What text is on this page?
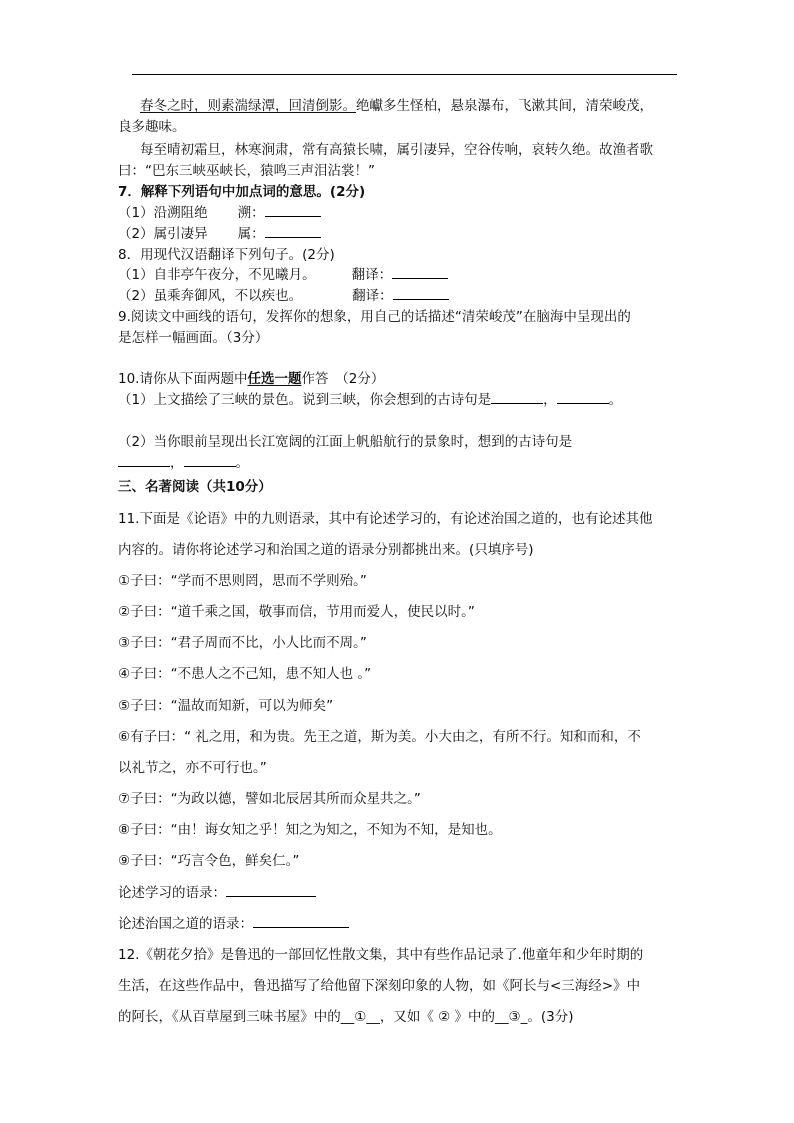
春冬之时，则素湍绿潭，回清倒影。绝巘多生怪柏，悬泉瀑布，飞漱其间，清荣峻茂，
良多趣味。
每至晴初霜旦，林寒涧肃，常有高猿长啸，属引凄异，空谷传响，哀转久绝。故渔者歌
曰：“巴东三峡巫峡长，猿鸣三声泪沾裳！”
7．解释下列语句中加点词的意思。(2分)
（1）沿溯阻绝 溯：
（2）属引凄异 属：
8．用现代汉语翻译下列句子。(2分)
（1）自非亭午夜分，不见曦月。	翻译：
（2）虽乘奔御风，不以疾也。	翻译：
9.阅读文中画线的语句，发挥你的想象，用自己的话描述“清荣峻茂”在脑海中呈现出的
是怎样一幅画面。（3分）
10.请你从下面两题中任选一题作答　（2分）
（1）上文描绘了三峡的景色。说到三峡，你会想到的古诗句是	，	。
（2）当你眼前呈现出长江宽阔的江面上帆船航行的景象时，想到的古诗句是
，	。
三、名著阅读（共10分）
11.下面是《论语》中的九则语录，其中有论述学习的，有论述治国之道的，也有论述其他
内容的。请你将论述学习和治国之道的语录分别都挑出来。(只填序号)
①子曰：“学而不思则罔，思而不学则殆。”
②子曰：“道千乘之国，敬事而信，节用而爱人，使民以时。”
③子曰：“君子周而不比，小人比而不周。”
④子曰：“不患人之不己知，患不知人也 。”
⑤子曰：“温故而知新，可以为师矣”
⑥有子曰：“ 礼之用，和为贵。先王之道，斯为美。小大由之，有所不行。知和而和，不
以礼节之，亦不可行也。”
⑦子曰：“为政以德，譬如北辰居其所而众星共之。”
⑧子曰：“由！诲女知之乎！知之为知之，不知为不知，是知也。
⑨子曰：“巧言令色，鲜矣仁。”
论述学习的语录：
论述治国之道的语录：
12.《朝花夕拾》是鲁迅的一部回忆性散文集，其中有些作品记录了.他童年和少年时期的
生活，在这些作品中，鲁迅描写了给他留下深刻印象的人物，如《阿长与<三海经>》中
的阿长，《从百草屋到三味书屋》中的__①__，又如《 ② 》中的__③_。(3分)
